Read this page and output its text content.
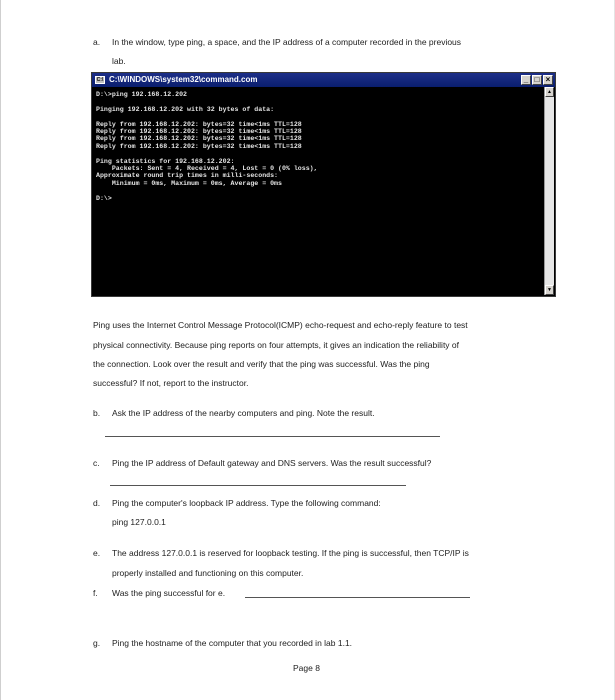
a. In the window, type ping, a space, and the IP address of a computer recorded in the previous
lab.
C:\ C:\WINDOWS\system32\command.com	_ □ ×
D:\>ping 192.168.12.202

Pinging 192.168.12.202 with 32 bytes of data:

Reply from 192.168.12.202: bytes=32 time<1ms TTL=128
Reply from 192.168.12.202: bytes=32 time<1ms TTL=128
Reply from 192.168.12.202: bytes=32 time<1ms TTL=128
Reply from 192.168.12.202: bytes=32 time<1ms TTL=128

Ping statistics for 192.168.12.202:
Packets: Sent = 4, Received = 4, Lost = 0 (0% loss),
Approximate round trip times in milli-seconds:
Minimum = 0ms, Maximum = 0ms, Average = 0ms

D:\>
▲
▼
Ping uses the Internet Control Message Protocol(ICMP) echo-request and echo-reply feature to test
physical connectivity. Because ping reports on four attempts, it gives an indication the reliability of
the connection. Look over the result and verify that the ping was successful. Was the ping
successful? If not, report to the instructor.
b. Ask the IP address of the nearby computers and ping. Note the result.
c. Ping the IP address of Default gateway and DNS servers. Was the result successful?
d. Ping the computer's loopback IP address. Type the following command:
ping 127.0.0.1
e. The address 127.0.0.1 is reserved for loopback testing. If the ping is successful, then TCP/IP is
properly installed and functioning on this computer.
f. Was the ping successful for e.
g. Ping the hostname of the computer that you recorded in lab 1.1.
Page 8
